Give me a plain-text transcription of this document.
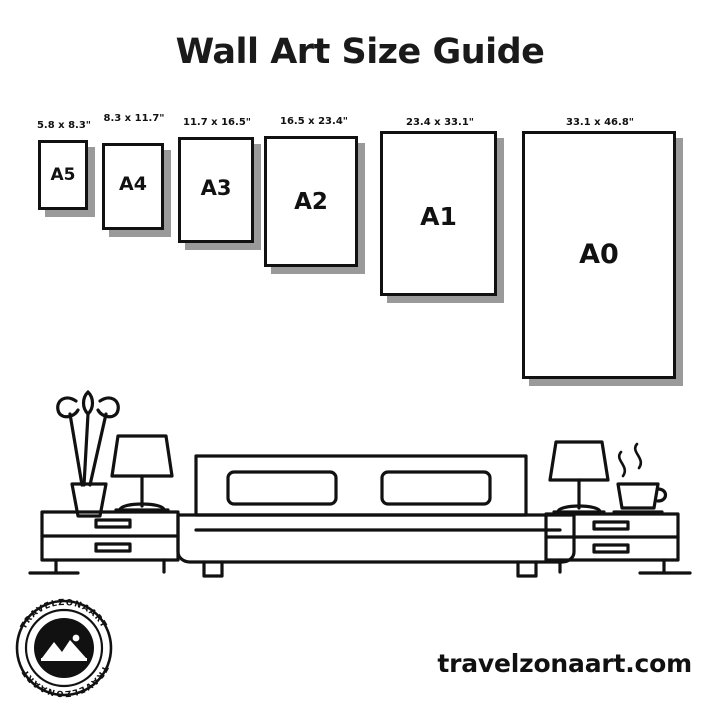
Wall Art Size Guide
5.8 x 8.3"
A5
8.3 x 11.7"
A4
11.7 x 16.5"
A3
16.5 x 23.4"
A2
23.4 x 33.1"
A1
33.1 x 46.8"
A0
travelzonaart.com
TRAVELZONAART
TRAVELZONAART
